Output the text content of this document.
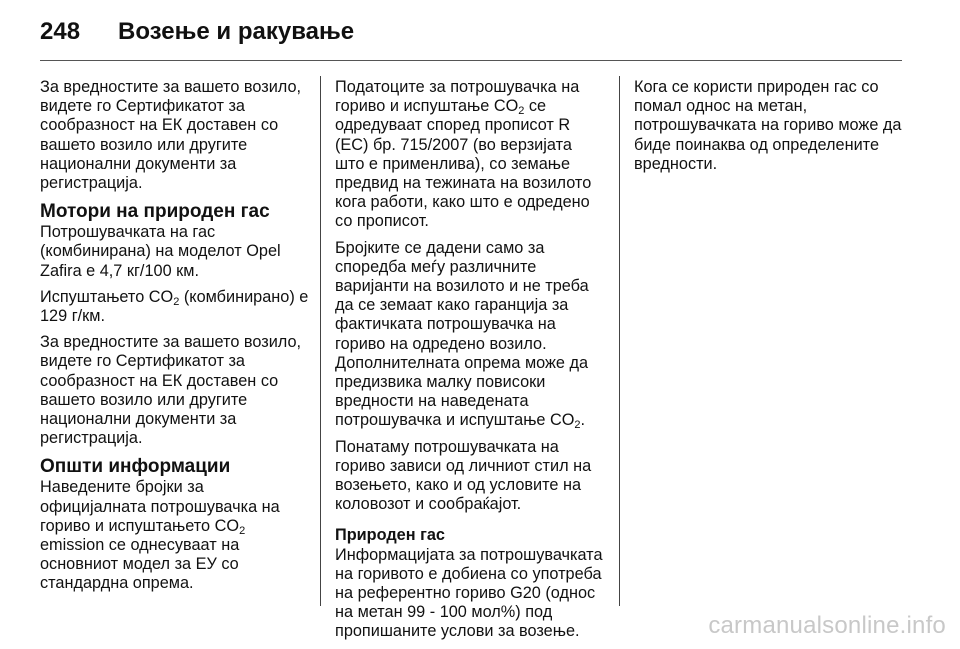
248 Возење и ракување

За вредностите за вашето возило, видете го Сертификатот за сообразност на ЕК доставен со вашето возило или другите национални документи за регистрација.

Мотори на природен гас

Потрошувачката на гас (комбинирана) на моделот Opel Zafira е 4,7 кг/100 км.

Испуштањето $CO_2$ (комбинирано) е 129 г/км.

За вредностите за вашето возило, видете го Сертификатот за сообразност на ЕК доставен со вашето возило или другите национални документи за регистрација.

Општи информации

Наведените бројки за официјалната потрошувачка на гориво и испуштањето $CO_2$ emission се однесуваат на основниот модел за ЕУ со стандардна опрема.

Податоците за потрошувачка на гориво и испуштање $CO_2$ се одредуваат според прописот R (EC) бр. 715/2007 (во верзијата што е применлива), со земање предвид на тежината на возилото кога работи, како што е одредено со прописот.

Бројките се дадени само за споредба меѓу различните варијанти на возилото и не треба да се земаат како гаранција за фактичката потрошувачка на гориво на одредено возило. Дополнителната опрема може да предизвика малку повисоки вредности на наведената потрошувачка и испуштање $CO_2$.

Понатаму потрошувачката на гориво зависи од личниот стил на возењето, како и од условите на коловозот и сообраќајот.

Природен гас

Информацијата за потрошувачката на горивото е добиена со употреба на референтно гориво G20 (однос на метан 99 - 100 мол%) под пропишаните услови за возење.

Кога се користи природен гас со помал однос на метан, потрошувачката на гориво може да биде поинаква од определените вредности.

carmanualsonline.info
